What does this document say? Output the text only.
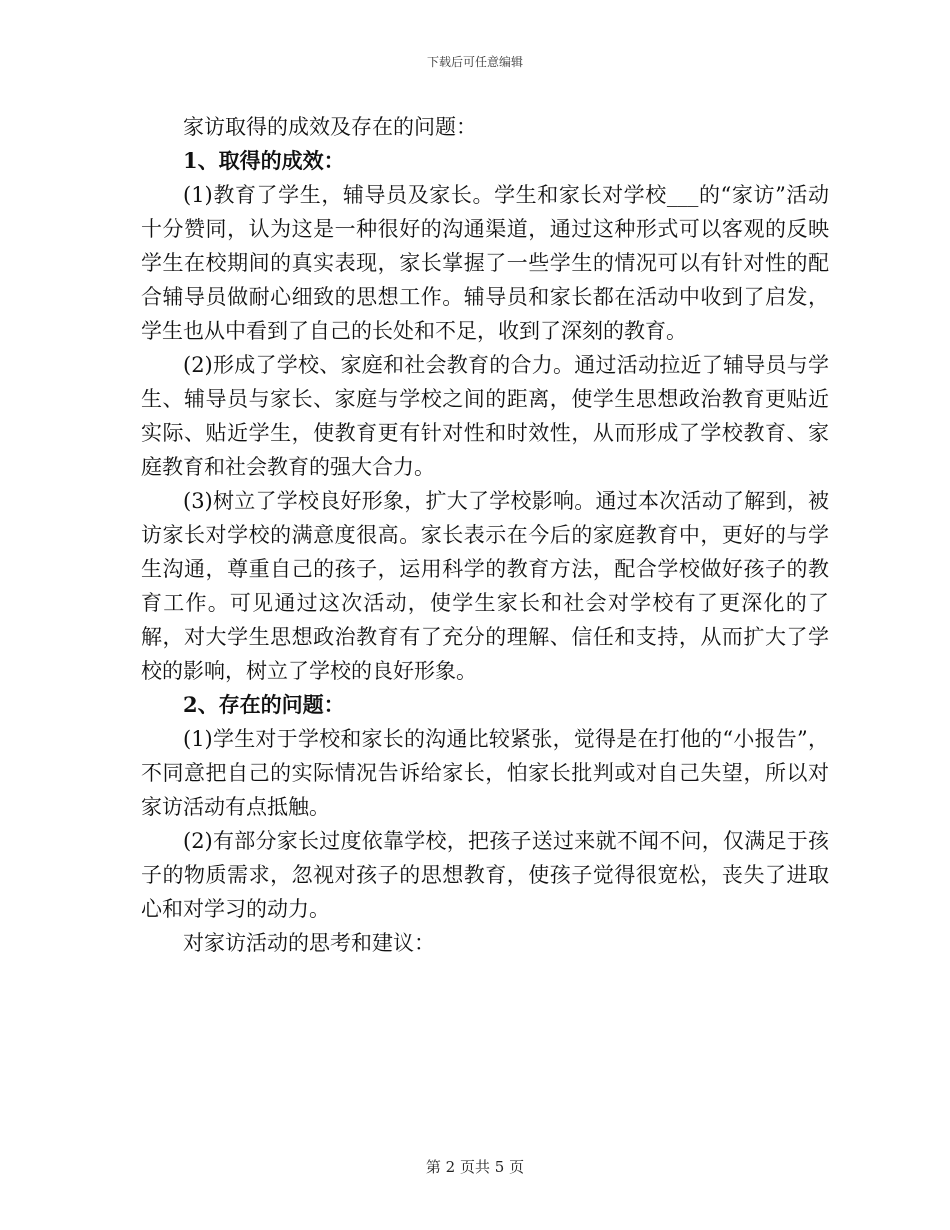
下载后可任意编辑

家访取得的成效及存在的问题：

1、取得的成效：

(1)教育了学生，辅导员及家长。学生和家长对学校___的“家访”活动十分赞同，认为这是一种很好的沟通渠道，通过这种形式可以客观的反映学生在校期间的真实表现，家长掌握了一些学生的情况可以有针对性的配合辅导员做耐心细致的思想工作。辅导员和家长都在活动中收到了启发，学生也从中看到了自己的长处和不足，收到了深刻的教育。

(2)形成了学校、家庭和社会教育的合力。通过活动拉近了辅导员与学生、辅导员与家长、家庭与学校之间的距离，使学生思想政治教育更贴近实际、贴近学生，使教育更有针对性和时效性，从而形成了学校教育、家庭教育和社会教育的强大合力。

(3)树立了学校良好形象，扩大了学校影响。通过本次活动了解到，被访家长对学校的满意度很高。家长表示在今后的家庭教育中，更好的与学生沟通，尊重自己的孩子，运用科学的教育方法，配合学校做好孩子的教育工作。可见通过这次活动，使学生家长和社会对学校有了更深化的了解，对大学生思想政治教育有了充分的理解、信任和支持，从而扩大了学校的影响，树立了学校的良好形象。

2、存在的问题：

(1)学生对于学校和家长的沟通比较紧张，觉得是在打他的“小报告”，不同意把自己的实际情况告诉给家长，怕家长批判或对自己失望，所以对家访活动有点抵触。

(2)有部分家长过度依靠学校，把孩子送过来就不闻不问，仅满足于孩子的物质需求，忽视对孩子的思想教育，使孩子觉得很宽松，丧失了进取心和对学习的动力。

对家访活动的思考和建议：

第 2 页共 5 页
